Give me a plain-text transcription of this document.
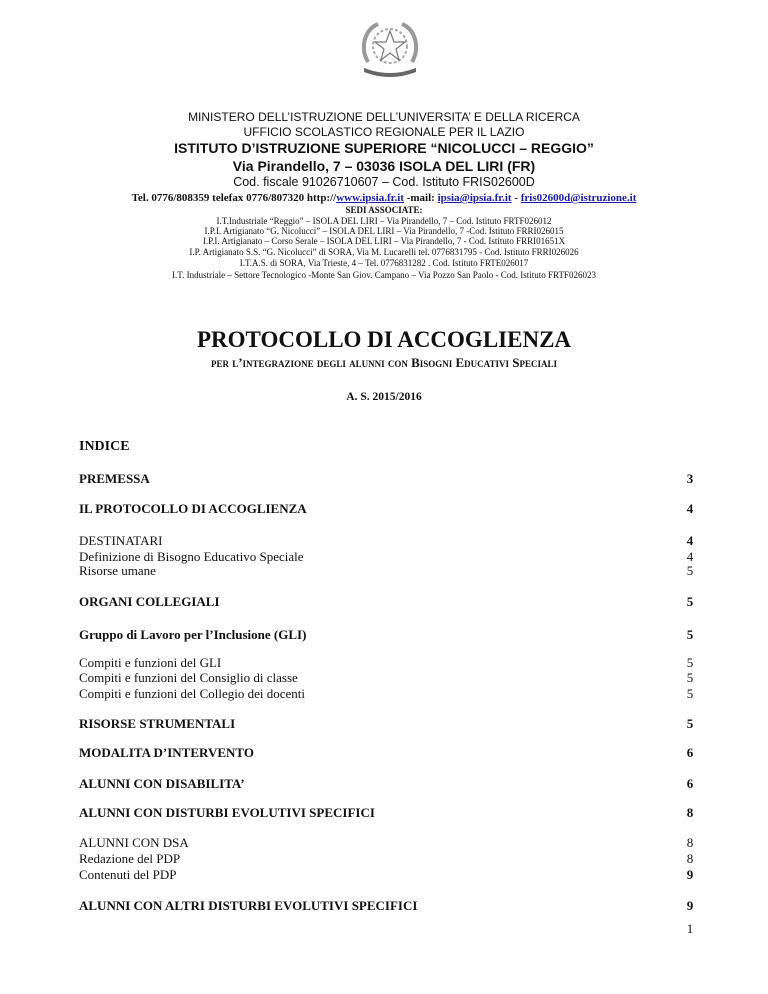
MINISTERO DELL’ISTRUZIONE DELL’UNIVERSITA’ E DELLA RICERCA
UFFICIO SCOLASTICO REGIONALE PER IL LAZIO
ISTITUTO D’ISTRUZIONE SUPERIORE “NICOLUCCI – REGGIO”
Via Pirandello, 7 – 03036 ISOLA DEL LIRI (FR)
Cod. fiscale 91026710607 – Cod. Istituto FRIS02600D
Tel. 0776/808359 telefax 0776/807320 http://www.ipsia.fr.it -mail: ipsia@ipsia.fr.it - fris02600d@istruzione.it
SEDI ASSOCIATE:
I.T.Industriale “Reggio” – ISOLA DEL LIRI – Via Pirandello, 7 – Cod. Istituto FRTF026012
I.P.I. Artigianato “G. Nicolucci” – ISOLA DEL LIRI – Via Pirandello, 7 -Cod. Istituto FRRI026015
I.P.I. Artigianato – Corso Serale – ISOLA DEL LIRI – Via Pirandello, 7 - Cod. Istituto FRRI01651X
I.P. Artigianato S.S. “G. Nicolucci” di SORA, Via M. Lucarelli tel. 0776831795 - Cod. Istituto FRRI026026
I.T.A.S. di SORA, Via Trieste, 4 – Tel. 0776831282 . Cod. Istituto FRTE026017
I.T. Industriale – Settore Tecnologico -Monte San Giov. Campano – Via Pozzo San Paolo - Cod. Istituto FRTF026023
PROTOCOLLO DI ACCOGLIENZA
per l’integrazione degli alunni con Bisogni Educativi Speciali
A. S. 2015/2016
INDICE
PREMESSA	3
IL PROTOCOLLO DI ACCOGLIENZA	4
DESTINATARI	4
Definizione di Bisogno Educativo Speciale	4
Risorse umane	5
ORGANI COLLEGIALI	5
Gruppo di Lavoro per l’Inclusione (GLI)	5
Compiti e funzioni del GLI	5
Compiti e funzioni del Consiglio di classe	5
Compiti e funzioni del Collegio dei docenti	5
RISORSE STRUMENTALI	5
MODALITA D’INTERVENTO	6
ALUNNI CON DISABILITA’	6
ALUNNI CON DISTURBI EVOLUTIVI SPECIFICI	8
ALUNNI CON DSA	8
Redazione del PDP	8
Contenuti del PDP	9
ALUNNI CON ALTRI DISTURBI EVOLUTIVI SPECIFICI	9
1
